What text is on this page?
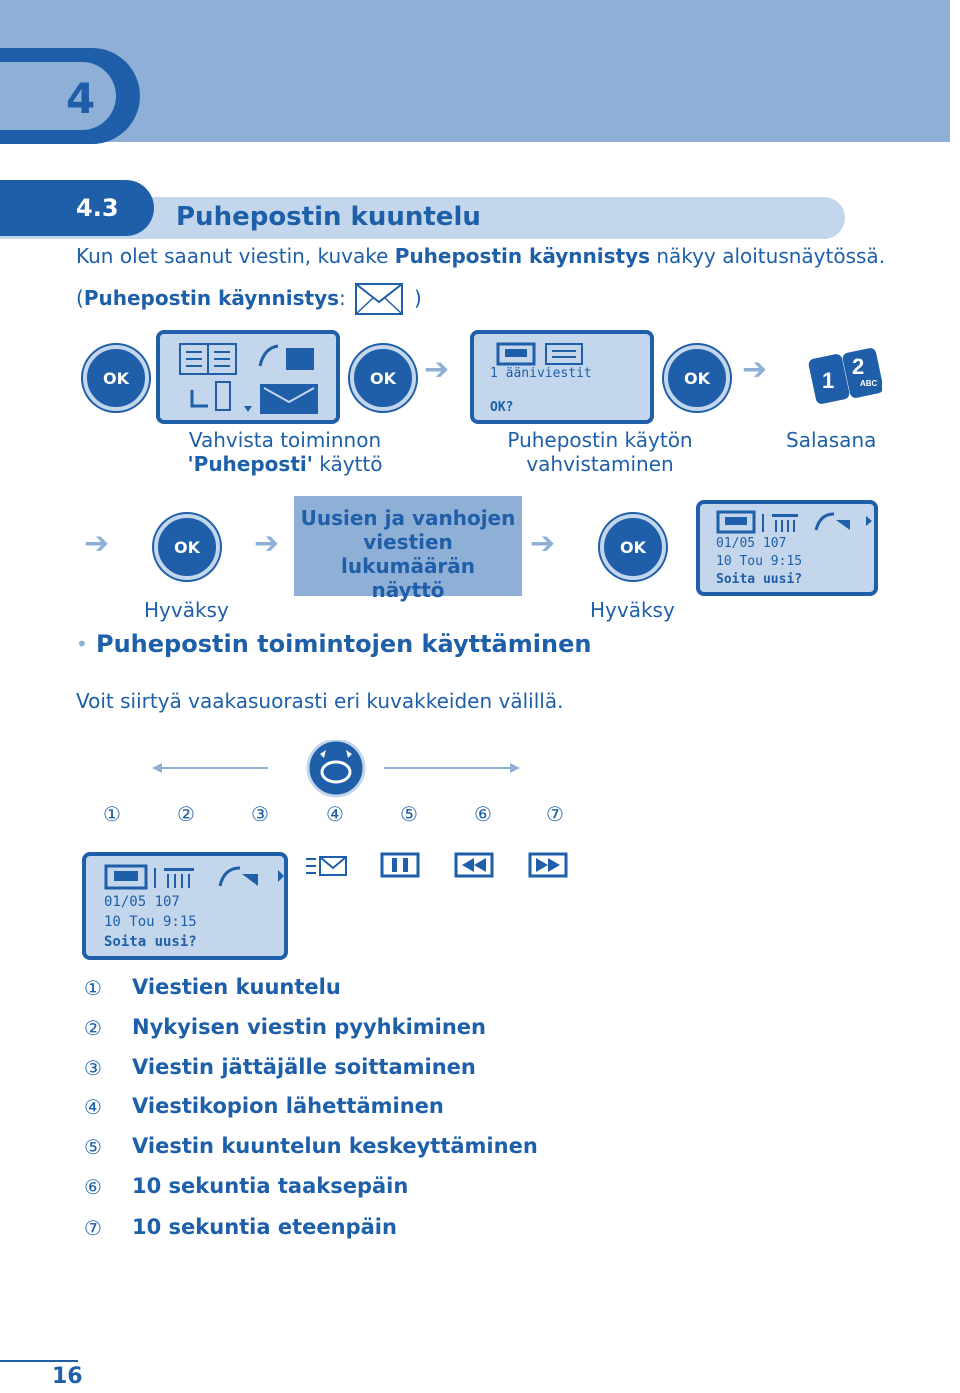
4
4.3 Puhepostin kuuntelu
Kun olet saanut viestin, kuvake Puhepostin käynnistys näkyy aloitusnäytössä.
(Puhepostin käynnistys:	)
OK	OK ➔	1 ääniviestit
OK?
OK	➔ 1
2
ABC
Vahvista toiminnon
'Puheposti' käyttö
Puhepostin käytön
vahvistaminen
Salasana
➔	OK	➔
Uusien ja vanhojen
viestien lukumäärän
näyttö
➔	OK	01/05 107
10 Tou 9:15
Soita uusi?
Hyväksy	Hyväksy
• Puhepostin toimintojen käyttäminen
Voit siirtyä vaakasuorasti eri kuvakkeiden välillä.
①	②	③	④	⑤	⑥	⑦
01/05 107
10 Tou 9:15
Soita uusi?
① Viestien kuuntelu
② Nykyisen viestin pyyhkiminen
③ Viestin jättäjälle soittaminen
④ Viestikopion lähettäminen
⑤ Viestin kuuntelun keskeyttäminen
⑥ 10 sekuntia taaksepäin
⑦ 10 sekuntia eteenpäin
16
